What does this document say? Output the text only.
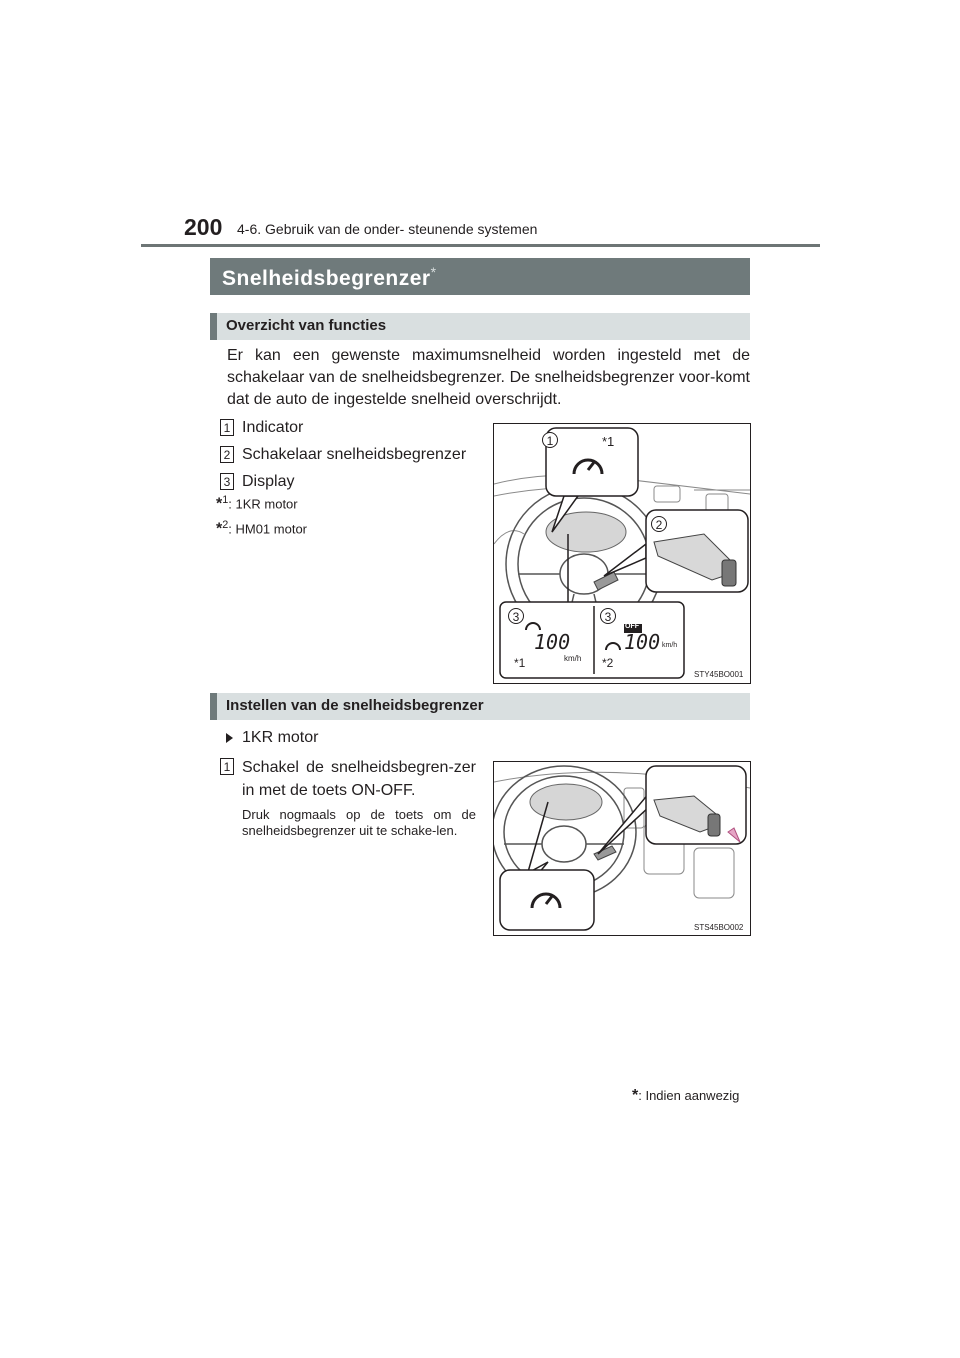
200 4-6. Gebruik van de onder- steunende systemen
Snelheidsbegrenzer*
Overzicht van functies
Er kan een gewenste maximumsnelheid worden ingesteld met de schakelaar van de snelheidsbegrenzer. De snelheidsbegrenzer voor-komt dat de auto de ingestelde snelheid overschrijdt.
1 Indicator
2 Schakelaar snelheidsbegrenzer
3 Display
*$^1$: 1KR motor
*$^2$: HM01 motor
1	*1
2
3	3
100	100
km/h
km/h
OFF
*1	*2
STY45BO001
Instellen van de snelheidsbegrenzer
1KR motor
1 Schakel de snelheidsbegren-zer in met de toets ON-OFF.
Druk nogmaals op de toets om de snelheidsbegrenzer uit te schake-len.
STS45BO002
*: Indien aanwezig
